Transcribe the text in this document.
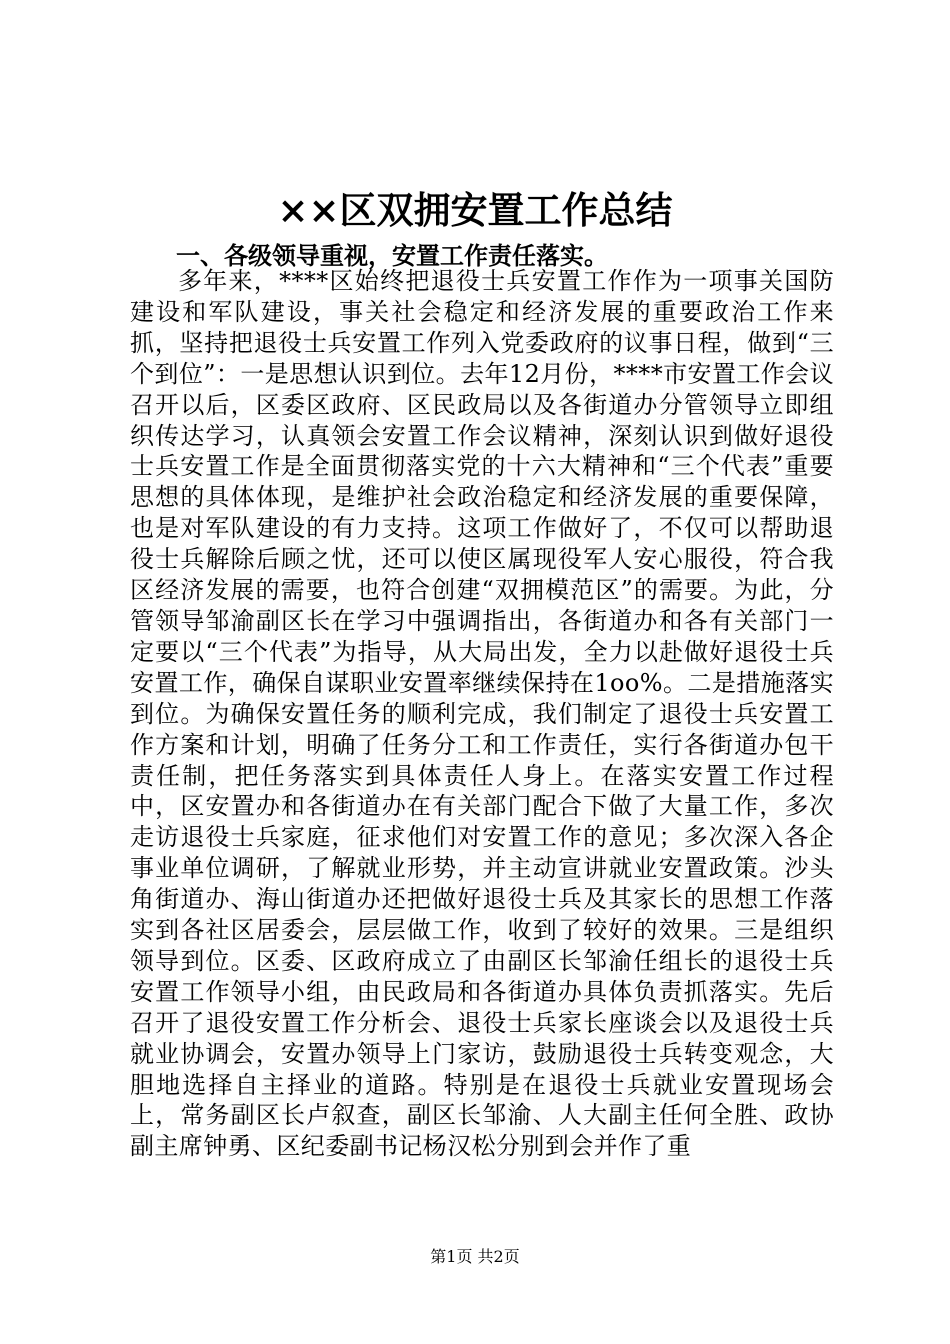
××区双拥安置工作总结
一、各级领导重视，安置工作责任落实。

多年来，****区始终把退役士兵安置工作作为一项事关国防建设和军队建设，事关社会稳定和经济发展的重要政治工作来抓，坚持把退役士兵安置工作列入党委政府的议事日程，做到“三个到位”：一是思想认识到位。去年12月份，****市安置工作会议召开以后，区委区政府、区民政局以及各街道办分管领导立即组织传达学习，认真领会安置工作会议精神，深刻认识到做好退役士兵安置工作是全面贯彻落实党的十六大精神和“三个代表”重要思想的具体体现，是维护社会政治稳定和经济发展的重要保障，也是对军队建设的有力支持。这项工作做好了，不仅可以帮助退役士兵解除后顾之忧，还可以使区属现役军人安心服役，符合我区经济发展的需要，也符合创建“双拥模范区”的需要。为此，分管领导邹渝副区长在学习中强调指出，各街道办和各有关部门一定要以“三个代表”为指导，从大局出发，全力以赴做好退役士兵安置工作，确保自谋职业安置率继续保持在1oo%。二是措施落实到位。为确保安置任务的顺利完成，我们制定了退役士兵安置工作方案和计划，明确了任务分工和工作责任，实行各街道办包干责任制，把任务落实到具体责任人身上。在落实安置工作过程中，区安置办和各街道办在有关部门配合下做了大量工作，多次走访退役士兵家庭，征求他们对安置工作的意见；多次深入各企事业单位调研，了解就业形势，并主动宣讲就业安置政策。沙头角街道办、海山街道办还把做好退役士兵及其家长的思想工作落实到各社区居委会，层层做工作，收到了较好的效果。三是组织领导到位。区委、区政府成立了由副区长邹渝任组长的退役士兵安置工作领导小组，由民政局和各街道办具体负责抓落实。先后召开了退役安置工作分析会、退役士兵家长座谈会以及退役士兵就业协调会，安置办领导上门家访，鼓励退役士兵转变观念，大胆地选择自主择业的道路。特别是在退役士兵就业安置现场会上，常务副区长卢叙查，副区长邹渝、人大副主任何全胜、政协副主席钟勇、区纪委副书记杨汉松分别到会并作了重

第1页 共2页
